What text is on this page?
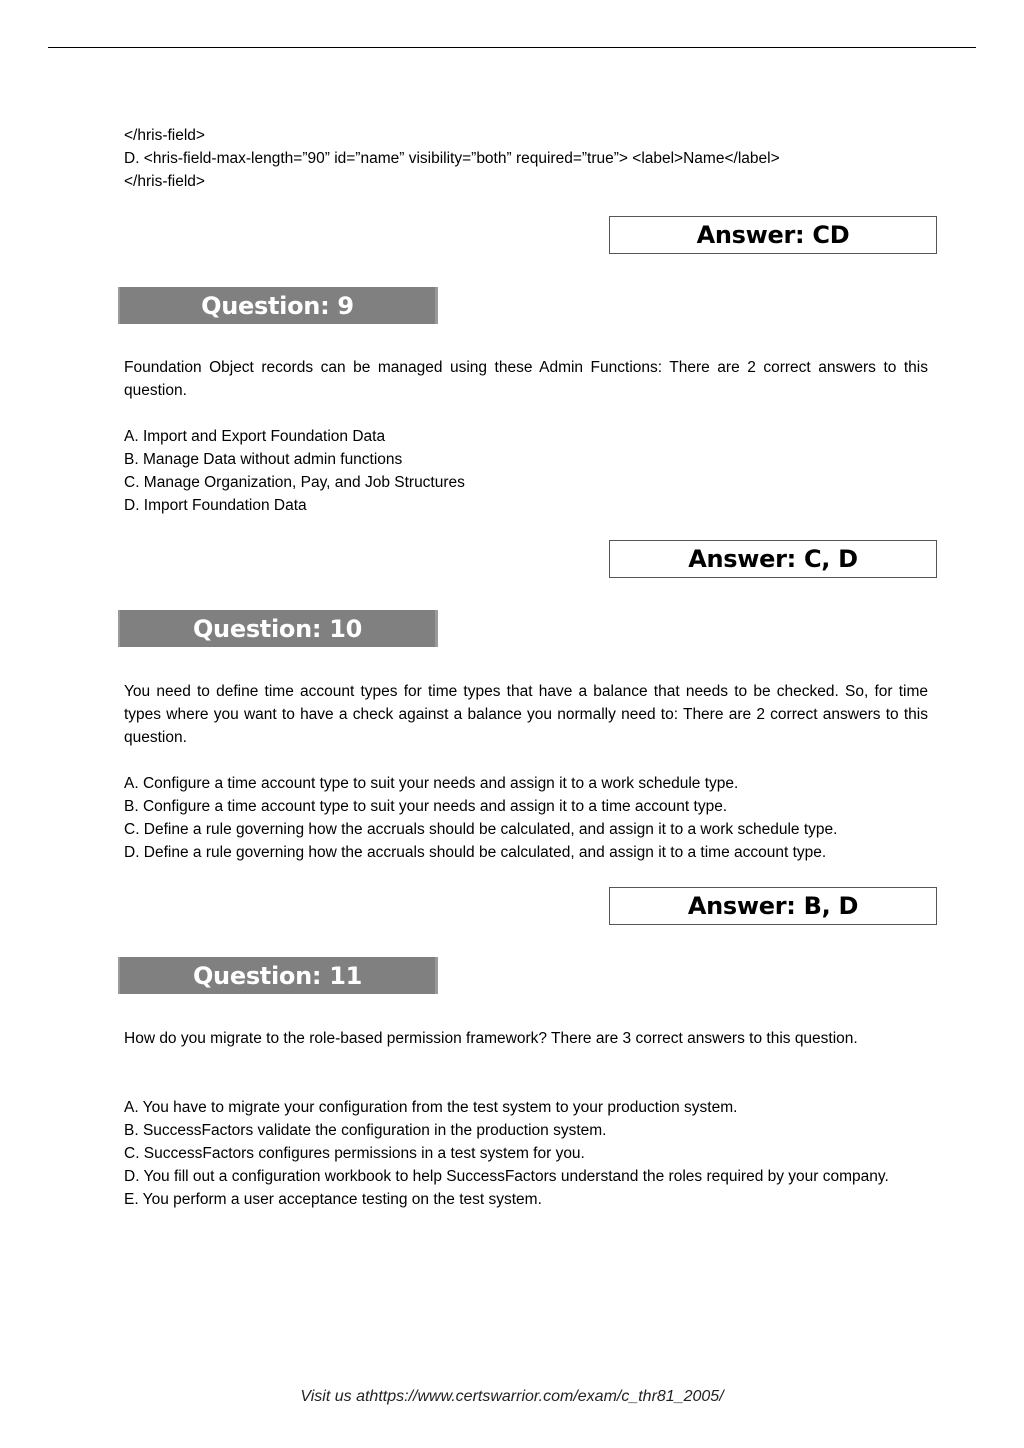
</hris-field>
D. <hris-field-max-length=”90” id=”name” visibility=”both” required=”true”> <label>Name</label>
</hris-field>
Answer: CD
Question: 9
Foundation Object records can be managed using these Admin Functions: There are 2 correct answers to this question.
A. Import and Export Foundation Data
B. Manage Data without admin functions
C. Manage Organization, Pay, and Job Structures
D. Import Foundation Data
Answer: C, D
Question: 10
You need to define time account types for time types that have a balance that needs to be checked. So, for time types where you want to have a check against a balance you normally need to: There are 2 correct answers to this question.
A. Configure a time account type to suit your needs and assign it to a work schedule type.
B. Configure a time account type to suit your needs and assign it to a time account type.
C. Define a rule governing how the accruals should be calculated, and assign it to a work schedule type.
D. Define a rule governing how the accruals should be calculated, and assign it to a time account type.
Answer: B, D
Question: 11
How do you migrate to the role-based permission framework? There are 3 correct answers to this question.
A. You have to migrate your configuration from the test system to your production system.
B. SuccessFactors validate the configuration in the production system.
C. SuccessFactors configures permissions in a test system for you.
D. You fill out a configuration workbook to help SuccessFactors understand the roles required by your company.
E. You perform a user acceptance testing on the test system.
Visit us athttps://www.certswarrior.com/exam/c_thr81_2005/
